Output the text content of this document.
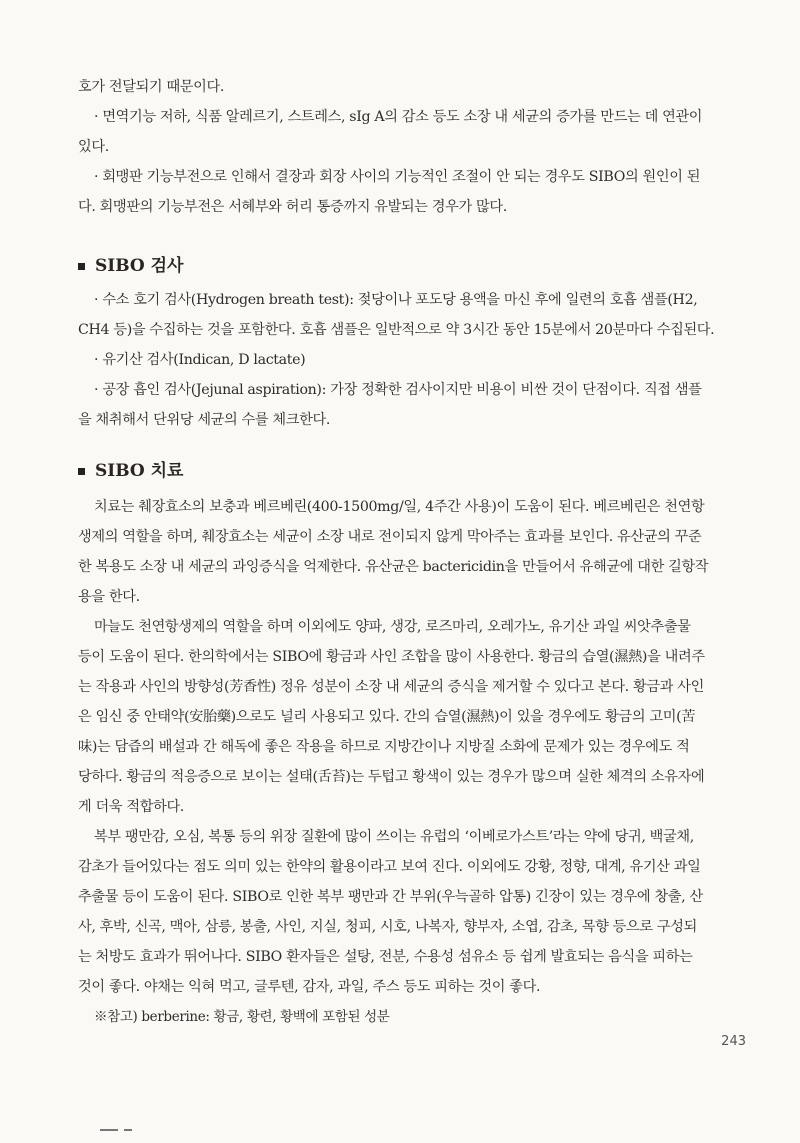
호가 전달되기 때문이다.
· 면역기능 저하, 식품 알레르기, 스트레스, sIg A의 감소 등도 소장 내 세균의 증가를 만드는 데 연관이
있다.
· 회맹판 기능부전으로 인해서 결장과 회장 사이의 기능적인 조절이 안 되는 경우도 SIBO의 원인이 된
다. 회맹판의 기능부전은 서혜부와 허리 통증까지 유발되는 경우가 많다.
SIBO 검사
· 수소 호기 검사(Hydrogen breath test): 젖당이나 포도당 용액을 마신 후에 일련의 호흡 샘플(H2,
CH4 등)을 수집하는 것을 포함한다. 호흡 샘플은 일반적으로 약 3시간 동안 15분에서 20분마다 수집된다.
· 유기산 검사(Indican, D lactate)
· 공장 흡인 검사(Jejunal aspiration): 가장 정확한 검사이지만 비용이 비싼 것이 단점이다. 직접 샘플
을 채취해서 단위당 세균의 수를 체크한다.
SIBO 치료
치료는 췌장효소의 보충과 베르베린(400-1500mg/일, 4주간 사용)이 도움이 된다. 베르베린은 천연항
생제의 역할을 하며, 췌장효소는 세균이 소장 내로 전이되지 않게 막아주는 효과를 보인다. 유산균의 꾸준
한 복용도 소장 내 세균의 과잉증식을 억제한다. 유산균은 bactericidin을 만들어서 유해균에 대한 길항작
용을 한다.
마늘도 천연항생제의 역할을 하며 이외에도 양파, 생강, 로즈마리, 오레가노, 유기산 과일 씨앗추출물
등이 도움이 된다. 한의학에서는 SIBO에 황금과 사인 조합을 많이 사용한다. 황금의 습열(濕熱)을 내려주
는 작용과 사인의 방향성(芳香性) 정유 성분이 소장 내 세균의 증식을 제거할 수 있다고 본다. 황금과 사인
은 임신 중 안태약(安胎藥)으로도 널리 사용되고 있다. 간의 습열(濕熱)이 있을 경우에도 황금의 고미(苦
味)는 담즙의 배설과 간 해독에 좋은 작용을 하므로 지방간이나 지방질 소화에 문제가 있는 경우에도 적
당하다. 황금의 적응증으로 보이는 설태(舌苔)는 두텁고 황색이 있는 경우가 많으며 실한 체격의 소유자에
게 더욱 적합하다.
복부 팽만감, 오심, 복통 등의 위장 질환에 많이 쓰이는 유럽의 ‘이베로가스트’라는 약에 당귀, 백굴채,
감초가 들어있다는 점도 의미 있는 한약의 활용이라고 보여 진다. 이외에도 강황, 정향, 대계, 유기산 과일
추출물 등이 도움이 된다. SIBO로 인한 복부 팽만과 간 부위(우늑골하 압통) 긴장이 있는 경우에 창출, 산
사, 후박, 신곡, 맥아, 삼릉, 봉출, 사인, 지실, 청피, 시호, 나복자, 향부자, 소엽, 감초, 목향 등으로 구성되
는 처방도 효과가 뛰어나다. SIBO 환자들은 설탕, 전분, 수용성 섬유소 등 쉽게 발효되는 음식을 피하는
것이 좋다. 야채는 익혀 먹고, 글루텐, 감자, 과일, 주스 등도 피하는 것이 좋다.
※참고) berberine: 황금, 황련, 황백에 포함된 성분
243
